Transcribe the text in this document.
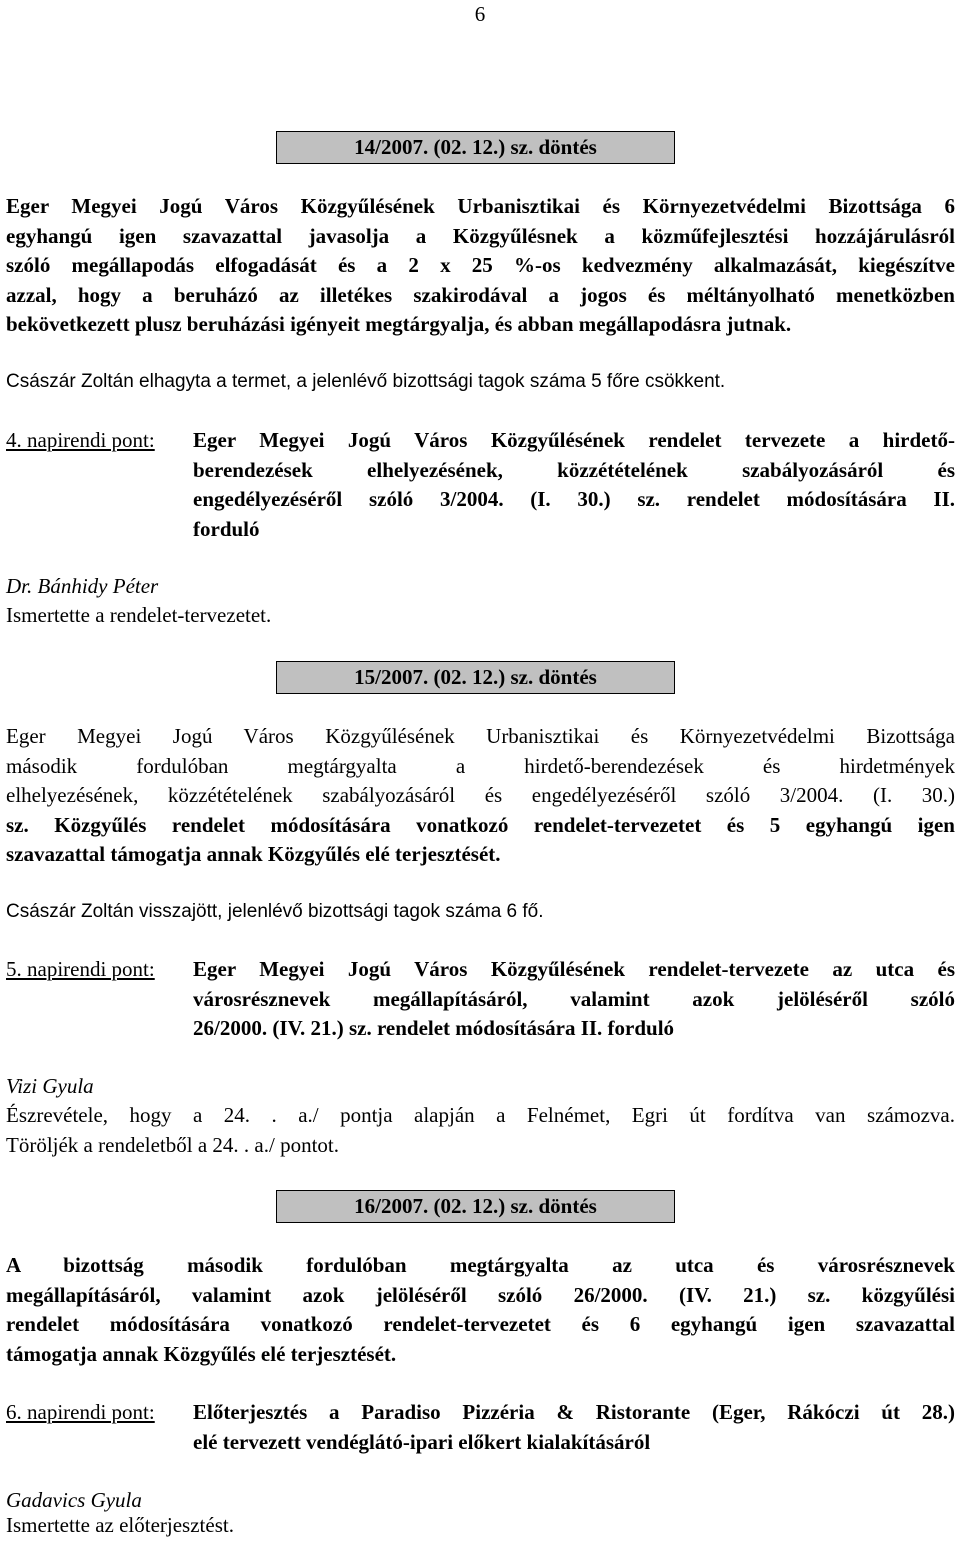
6
14/2007. (02. 12.) sz. döntés
Eger Megyei Jogú Város Közgyűlésének Urbanisztikai és Környezetvédelmi Bizottsága 6
egyhangú igen szavazattal javasolja a Közgyűlésnek a közműfejlesztési hozzájárulásról
szóló megállapodás elfogadását és a 2 x 25 %-os kedvezmény alkalmazását, kiegészítve
azzal, hogy a beruházó az illetékes szakirodával a jogos és méltányolható menetközben
bekövetkezett plusz beruházási igényeit megtárgyalja, és abban megállapodásra jutnak.
Császár Zoltán elhagyta a termet, a jelenlévő bizottsági tagok száma 5 főre csökkent.
4. napirendi pont: Eger Megyei Jogú Város Közgyűlésének rendelet tervezete a hirdető-
berendezések elhelyezésének, közzétételének szabályozásáról és
engedélyezéséről szóló 3/2004. (I. 30.) sz. rendelet módosítására II.
forduló
Dr. Bánhidy Péter
Ismertette a rendelet-tervezetet.
15/2007. (02. 12.) sz. döntés
Eger Megyei Jogú Város Közgyűlésének Urbanisztikai és Környezetvédelmi Bizottsága
második fordulóban megtárgyalta a hirdető-berendezések és hirdetmények
elhelyezésének, közzétételének szabályozásáról és engedélyezéséről szóló 3/2004. (I. 30.)
sz. Közgyűlés rendelet módosítására vonatkozó rendelet-tervezetet és 5 egyhangú igen
szavazattal támogatja annak Közgyűlés elé terjesztését.
Császár Zoltán visszajött, jelenlévő bizottsági tagok száma 6 fő.
5. napirendi pont: Eger Megyei Jogú Város Közgyűlésének rendelet-tervezete az utca és
városrésznevek megállapításáról, valamint azok jelöléséről szóló
26/2000. (IV. 21.) sz. rendelet módosítására II. forduló
Vizi Gyula
Észrevétele, hogy a 24. . a./ pontja alapján a Felnémet, Egri út fordítva van számozva.
Töröljék a rendeletből a 24. . a./ pontot.
16/2007. (02. 12.) sz. döntés
A bizottság második fordulóban megtárgyalta az utca és városrésznevek
megállapításáról, valamint azok jelöléséről szóló 26/2000. (IV. 21.) sz. közgyűlési
rendelet módosítására vonatkozó rendelet-tervezetet és 6 egyhangú igen szavazattal
támogatja annak Közgyűlés elé terjesztését.
6. napirendi pont: Előterjesztés a Paradiso Pizzéria & Ristorante (Eger, Rákóczi út 28.)
elé tervezett vendéglátó-ipari előkert kialakításáról
Gadavics Gyula
Ismertette az előterjesztést.
